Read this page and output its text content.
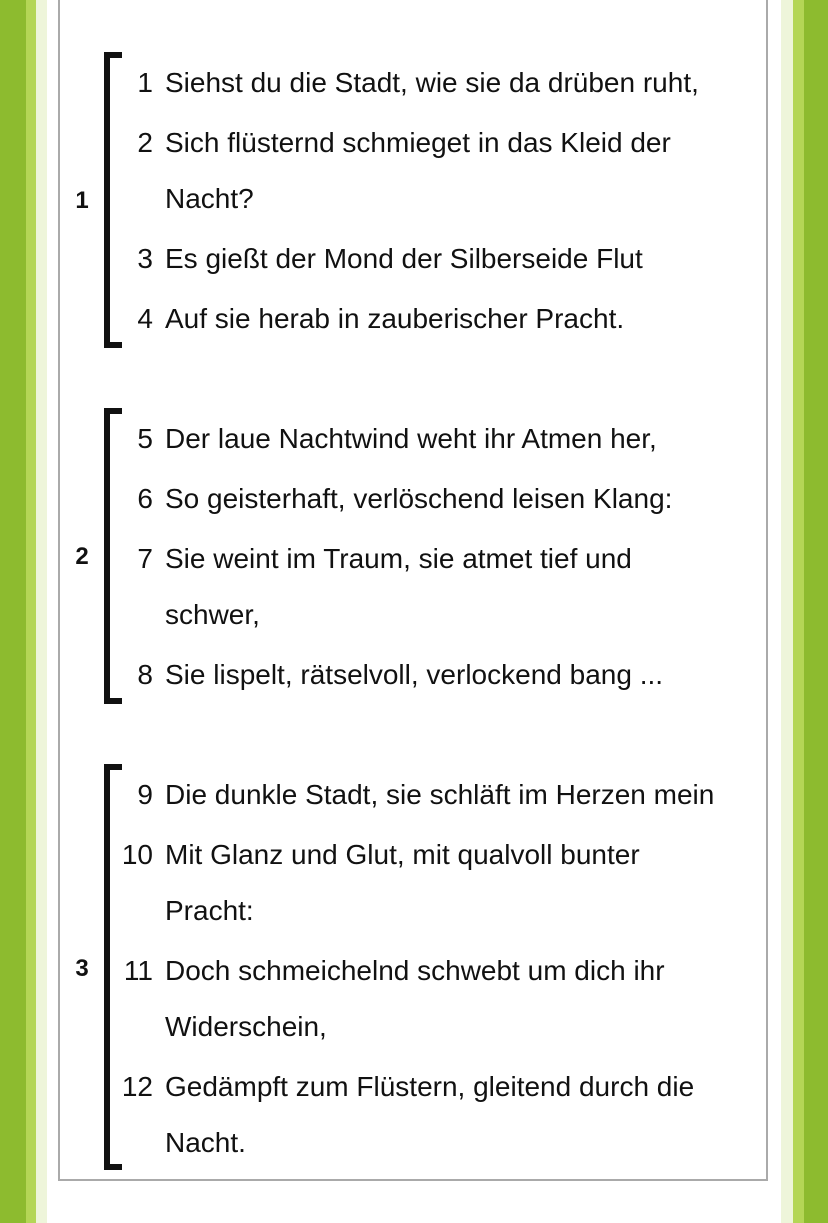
1
1 Siehst du die Stadt, wie sie da drüben ruht,
2 Sich flüsternd schmieget in das Kleid der Nacht?
3 Es gießt der Mond der Silberseide Flut
4 Auf sie herab in zauberischer Pracht.
2
5 Der laue Nachtwind weht ihr Atmen her,
6 So geisterhaft, verlöschend leisen Klang:
7 Sie weint im Traum, sie atmet tief und schwer,
8 Sie lispelt, rätselvoll, verlockend bang ...
3
9 Die dunkle Stadt, sie schläft im Herzen mein
10 Mit Glanz und Glut, mit qualvoll bunter Pracht:
11 Doch schmeichelnd schwebt um dich ihr Widerschein,
12 Gedämpft zum Flüstern, gleitend durch die Nacht.
